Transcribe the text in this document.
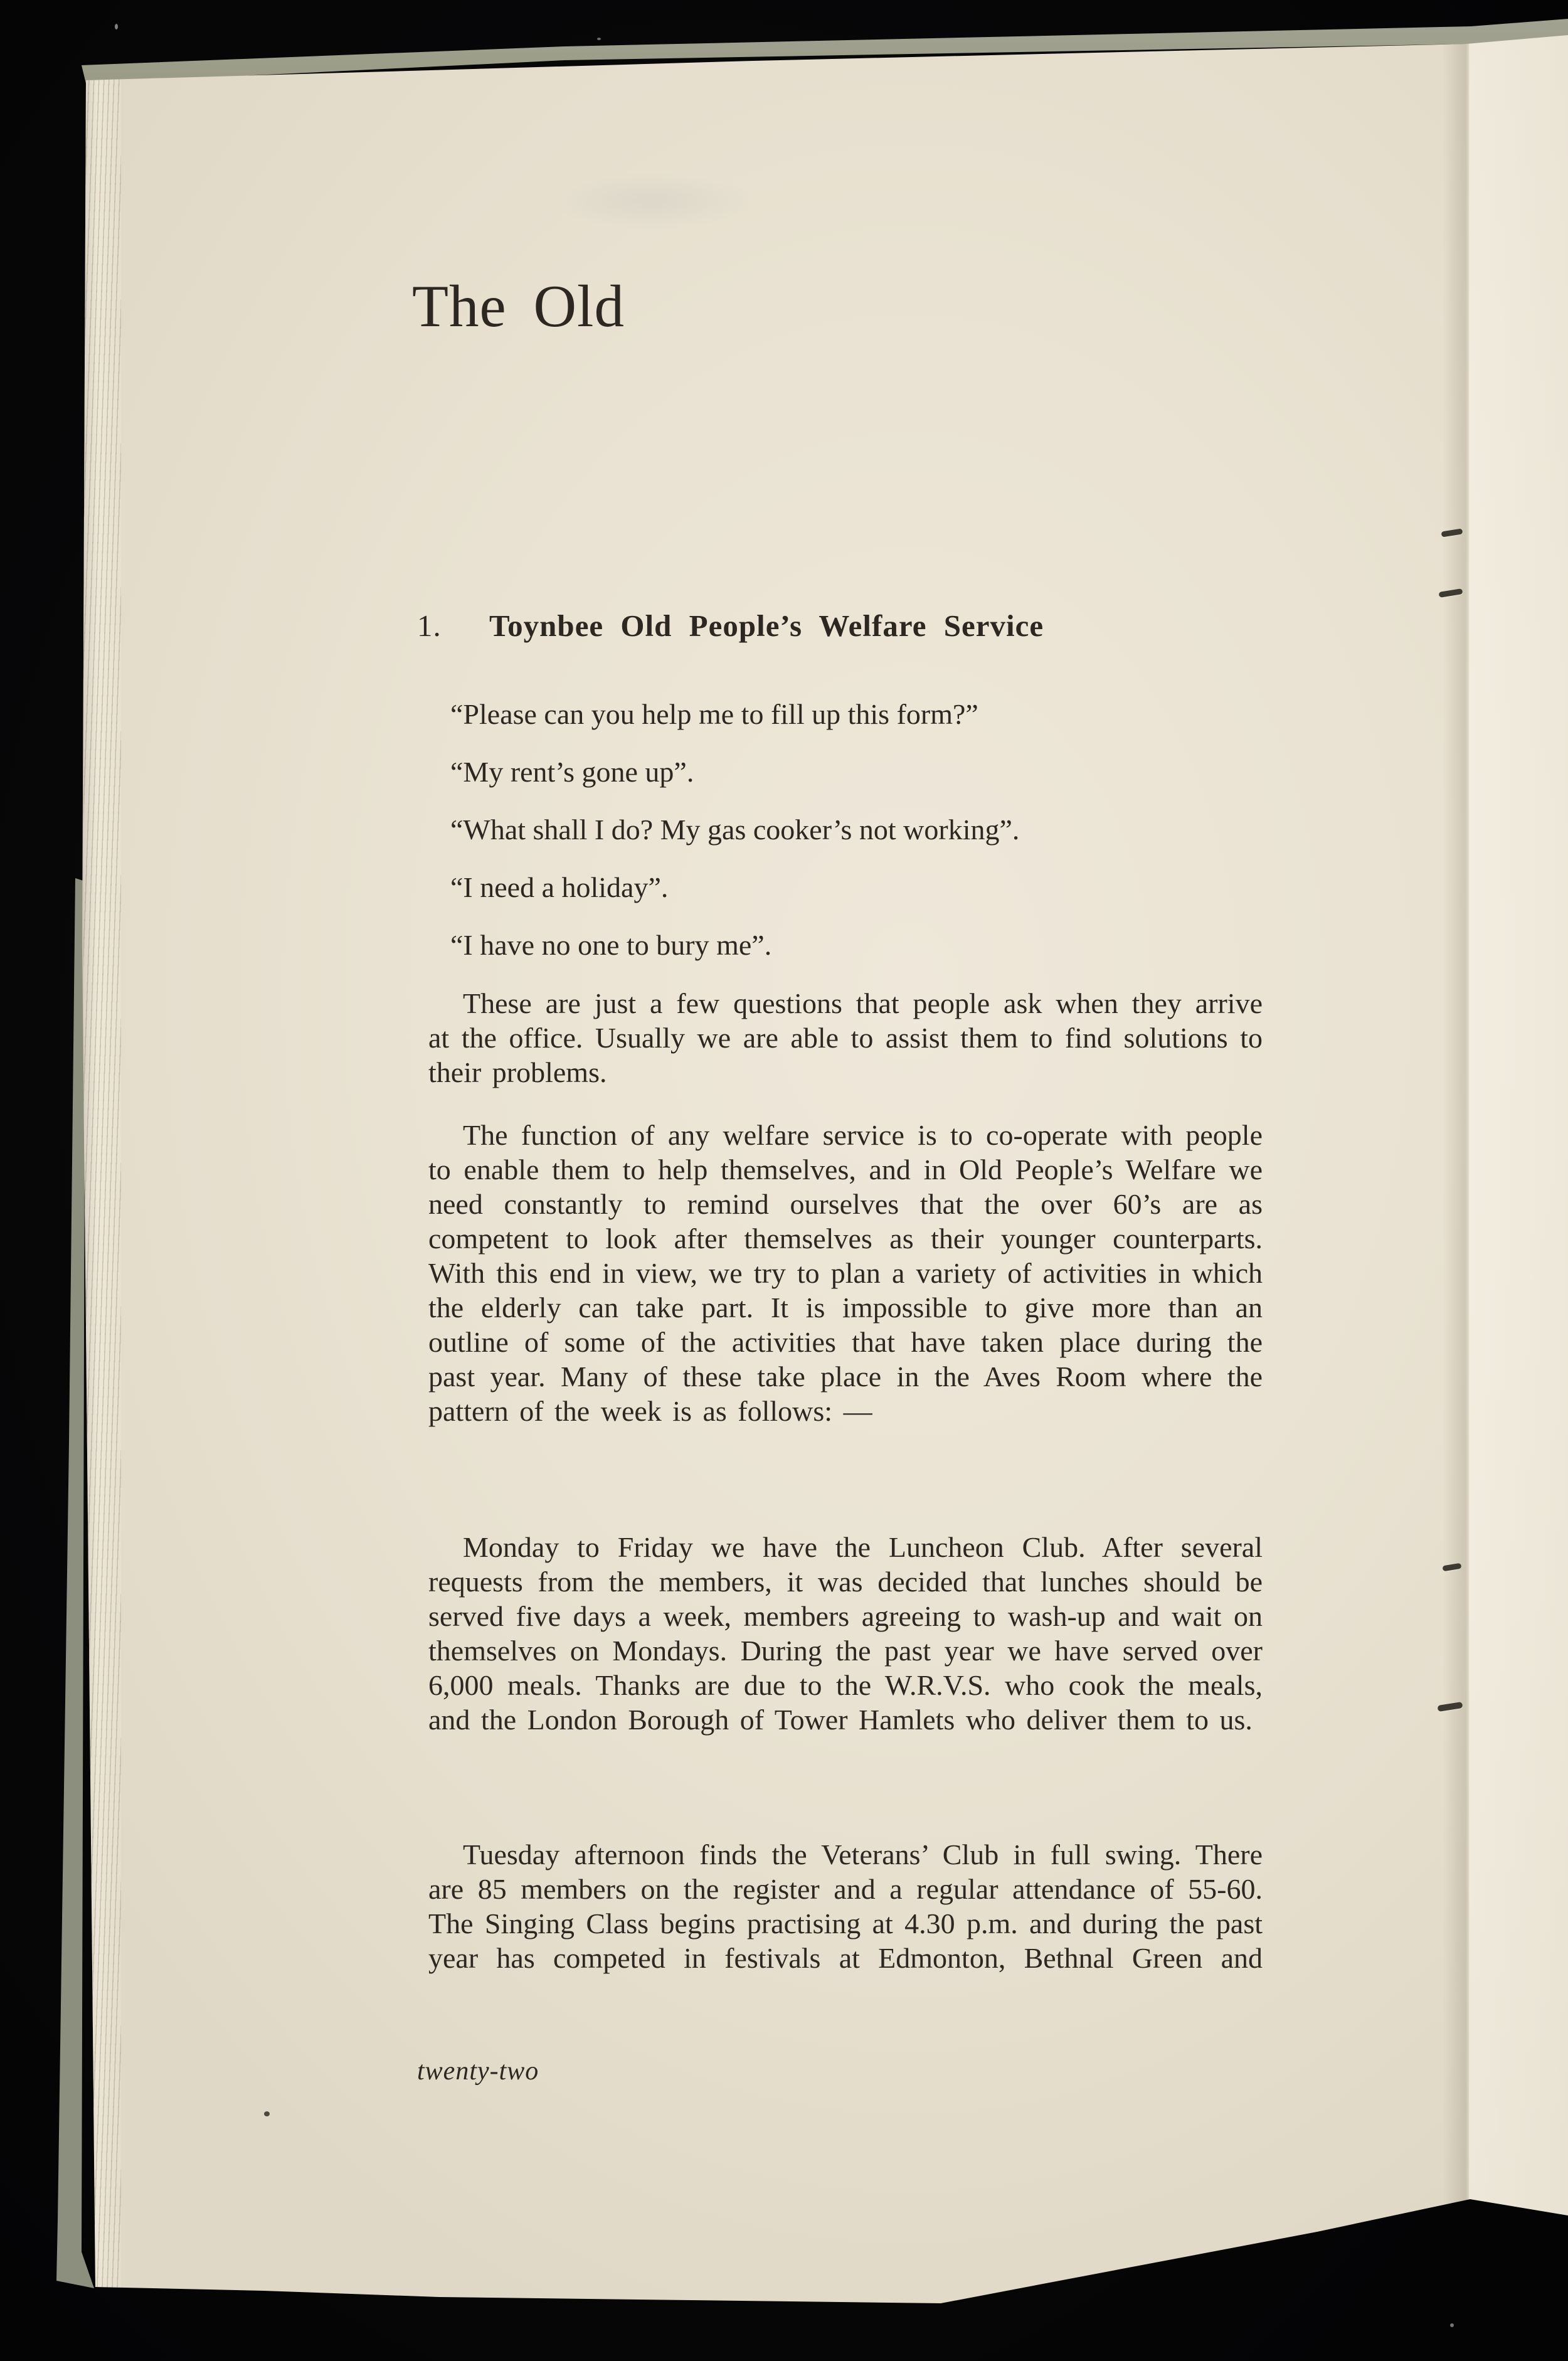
The Old
1. Toynbee Old People’s Welfare Service

“Please can you help me to fill up this form?”

“My rent’s gone up”.

“What shall I do? My gas cooker’s not working”.

“I need a holiday”.

“I have no one to bury me”.

These are just a few questions that people ask when they arrive at the office. Usually we are able to assist them to find solutions to their problems.

The function of any welfare service is to co-operate with people to enable them to help themselves, and in Old People’s Welfare we need constantly to remind ourselves that the over 60’s are as competent to look after themselves as their younger counterparts. With this end in view, we try to plan a variety of activities in which the elderly can take part. It is impossible to give more than an outline of some of the activities that have taken place during the past year. Many of these take place in the Aves Room where the pattern of the week is as follows: —

Monday to Friday we have the Luncheon Club. After several requests from the members, it was decided that lunches should be served five days a week, members agreeing to wash-up and wait on themselves on Mondays. During the past year we have served over 6,000 meals. Thanks are due to the W.R.V.S. who cook the meals, and the London Borough of Tower Hamlets who deliver them to us.

Tuesday afternoon finds the Veterans’ Club in full swing. There are 85 members on the register and a regular attendance of 55-60. The Singing Class begins practising at 4.30 p.m. and during the past year has competed in festivals at Edmonton, Bethnal Green and

twenty-two
